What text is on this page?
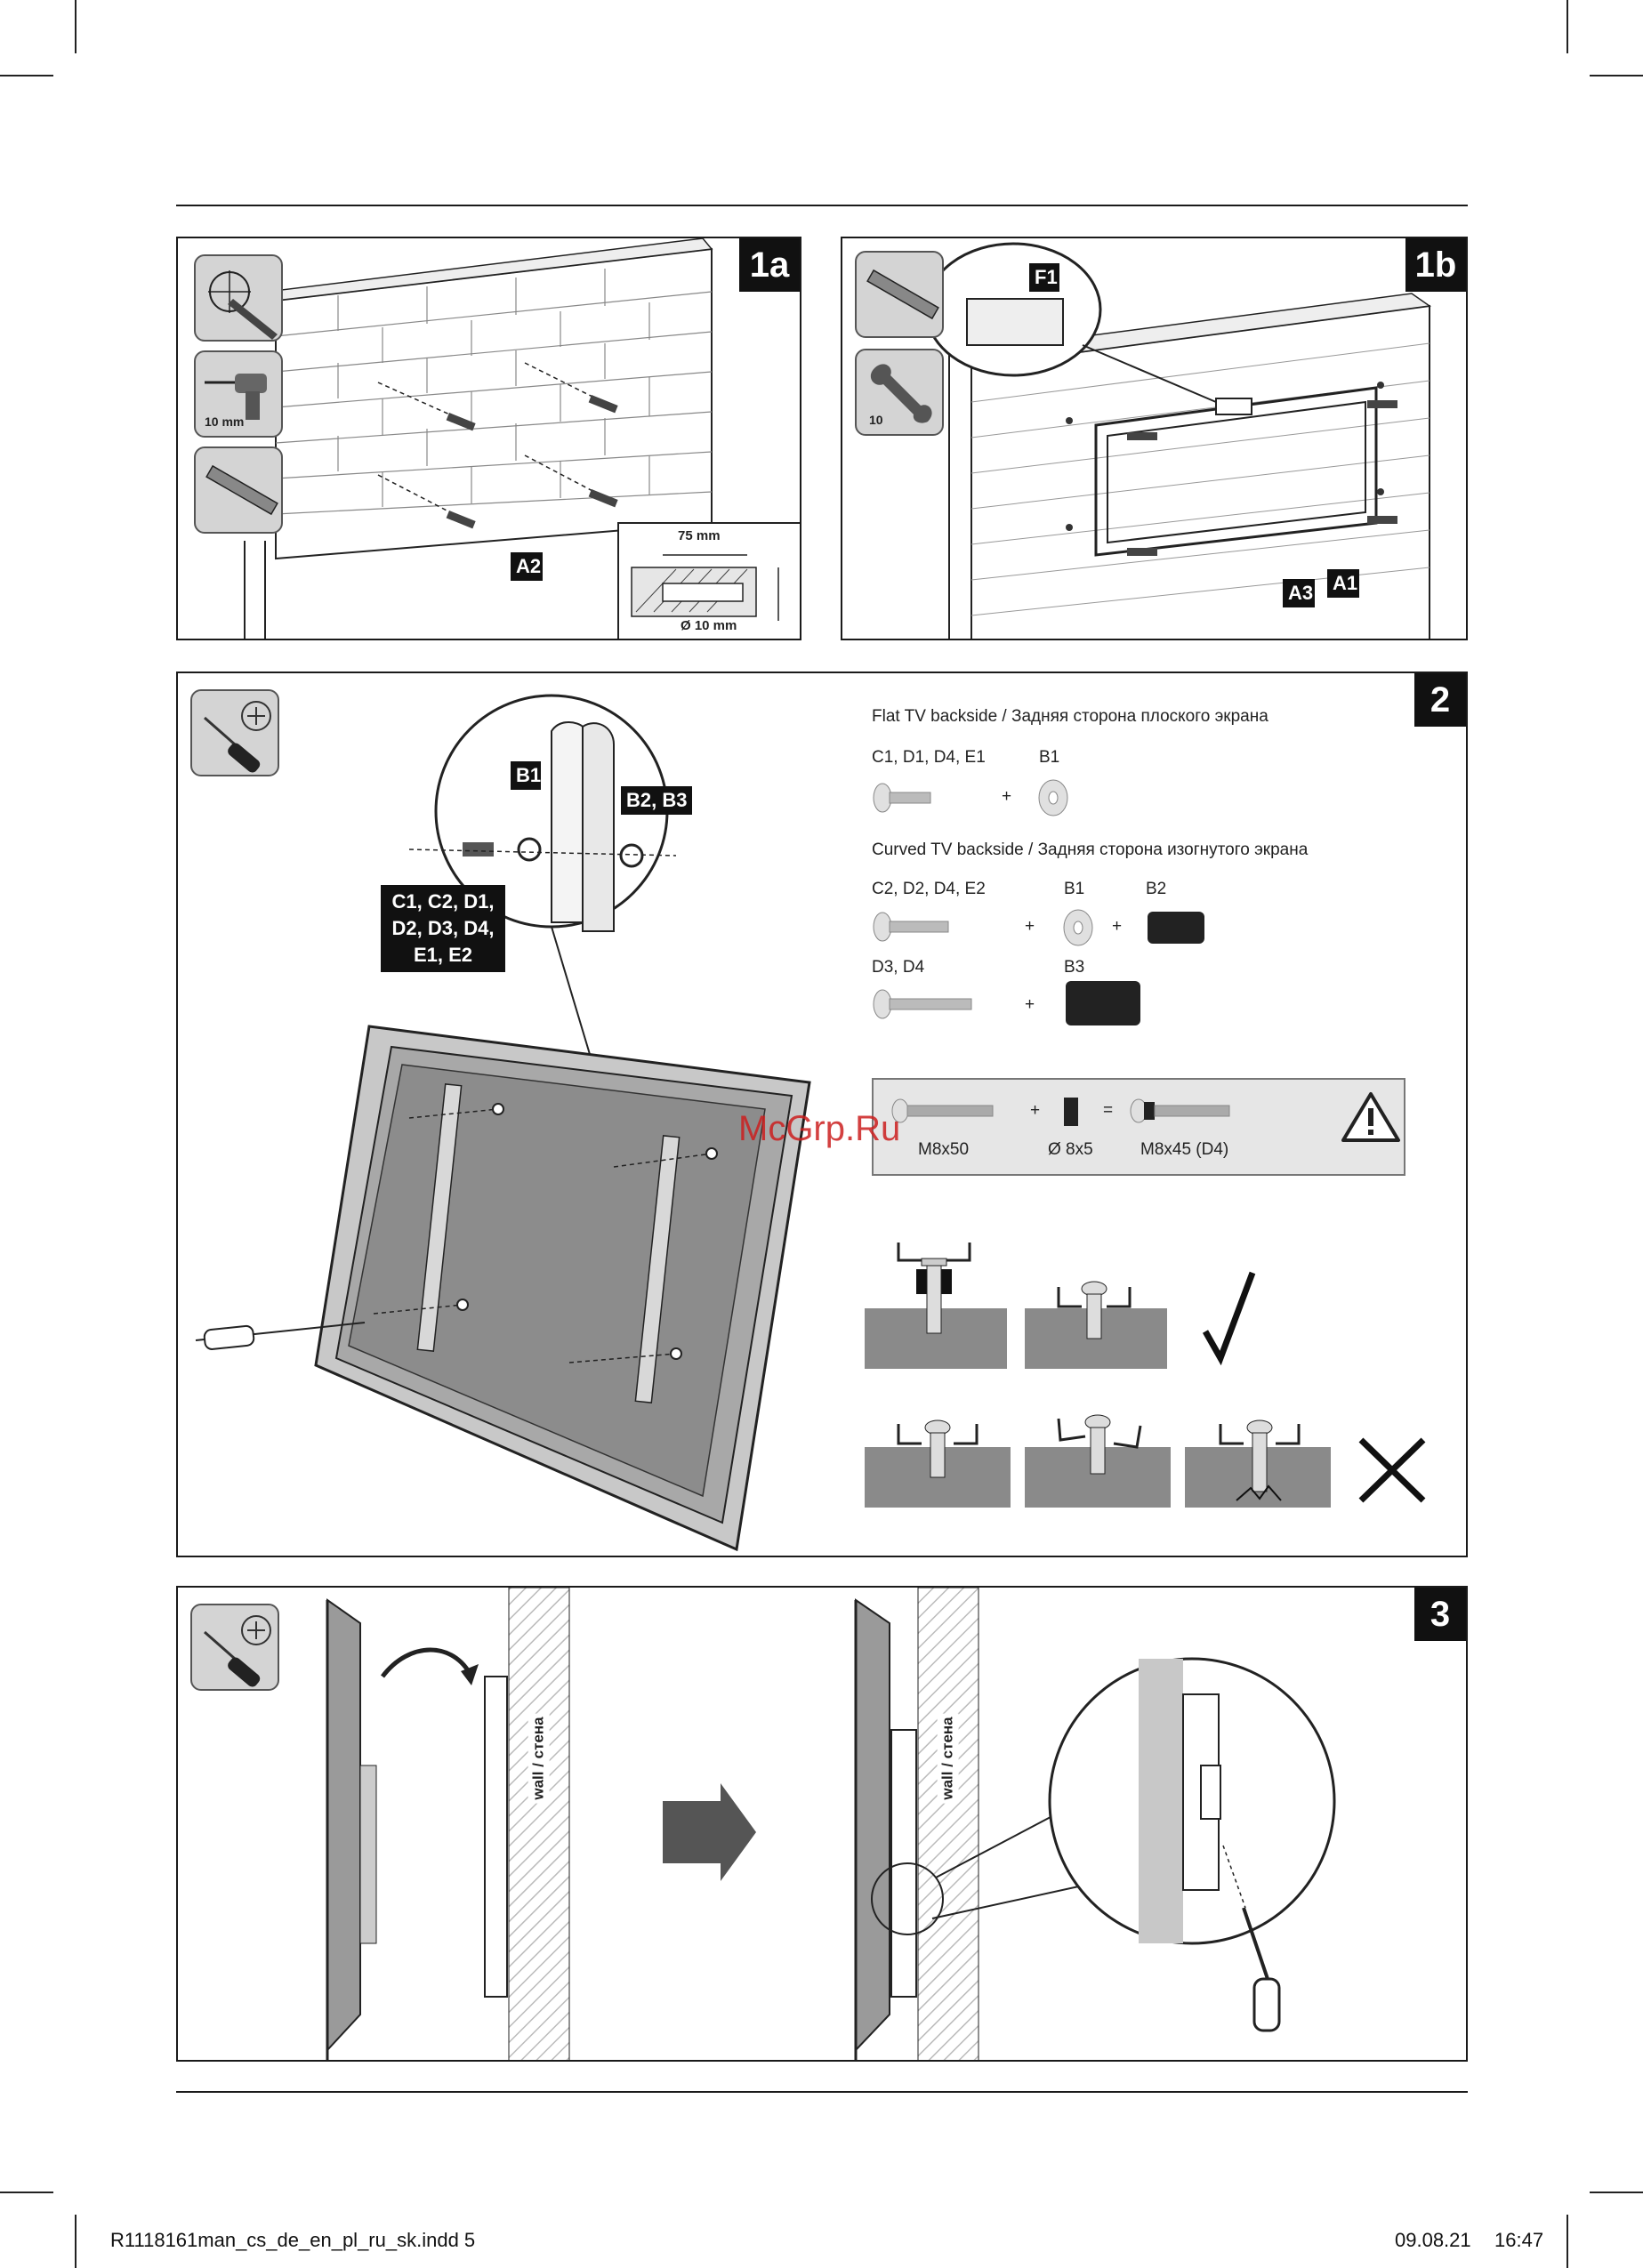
1a
10 mm
A2
75 mm
Ø 10 mm
1b
F1
10
A3 A1
2
B1
B2, B3
C1, C2, D1,
D2, D3, D4,
E1, E2
Flat TV backside / Задняя сторона плоского экрана
C1, D1, D4, E1	B1
+
Curved TV backside / Задняя сторона изогнутого экрана
C2, D2, D4, E2	B1	B2
+	+
D3, D4	B3
+
M8x50
+
Ø 8x5
=
M8x45 (D4)
McGrp.Ru
3
wall / стена	wall / стена
R1118161man_cs_de_en_pl_ru_sk.indd 5	09.08.21 16:47
